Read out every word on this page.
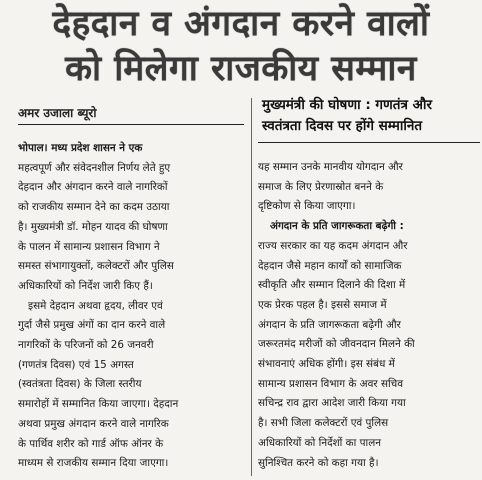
देहदान व अंगदान करने वालों
को मिलेगा राजकीय सम्मान
अमर उजाला ब्यूरो	मुख्यमंत्री की घोषणा : गणतंत्र और
स्वतंत्रता दिवस पर होंगे सम्मानित
भोपाल। मध्य प्रदेश शासन ने एक
महत्वपूर्ण और संवेदनशील निर्णय लेते हुए
देहदान और अंगदान करने वाले नागरिकों
को राजकीय सम्मान देने का कदम उठाया
है। मुख्यमंत्री डॉ. मोहन यादव की घोषणा
के पालन में सामान्य प्रशासन विभाग ने
समस्त संभागायुक्तों, कलेक्टरों और पुलिस
अधिकारियों को निर्देश जारी किए हैं।
इसमे देहदान अथवा हृदय, लीवर एवं
गुर्दा जैसे प्रमुख अंगों का दान करने वाले
नागरिकों के परिजनों को 26 जनवरी
(गणतंत्र दिवस) एवं 15 अगस्त
(स्वतंत्रता दिवस) के जिला स्तरीय
समारोहों में सम्मानित किया जाएगा। देहदान
अथवा प्रमुख अंगदान करने वाले नागरिक
के पार्थिव शरीर को गार्ड ऑफ ऑनर के
माध्यम से राजकीय सम्मान दिया जाएगा।
यह सम्मान उनके मानवीय योगदान और
समाज के लिए प्रेरणास्रोत बनने के
दृष्टिकोण से किया जाएगा।
अंगदान के प्रति जागरूकता बढ़ेगी :
राज्य सरकार का यह कदम अंगदान और
देहदान जैसे महान कार्यों को सामाजिक
स्वीकृति और सम्मान दिलाने की दिशा में
एक प्रेरक पहल है। इससे समाज में
अंगदान के प्रति जागरूकता बढ़ेगी और
जरूरतमंद मरीजों को जीवनदान मिलने की
संभावनाएं अधिक होंगी। इस संबंध में
सामान्य प्रशासन विभाग के अवर सचिव
सचिन्द्र राव द्वारा आदेश जारी किया गया
है। सभी जिला कलेक्टरों एवं पुलिस
अधिकारियों को निर्देशों का पालन
सुनिश्चित करने को कहा गया है।
